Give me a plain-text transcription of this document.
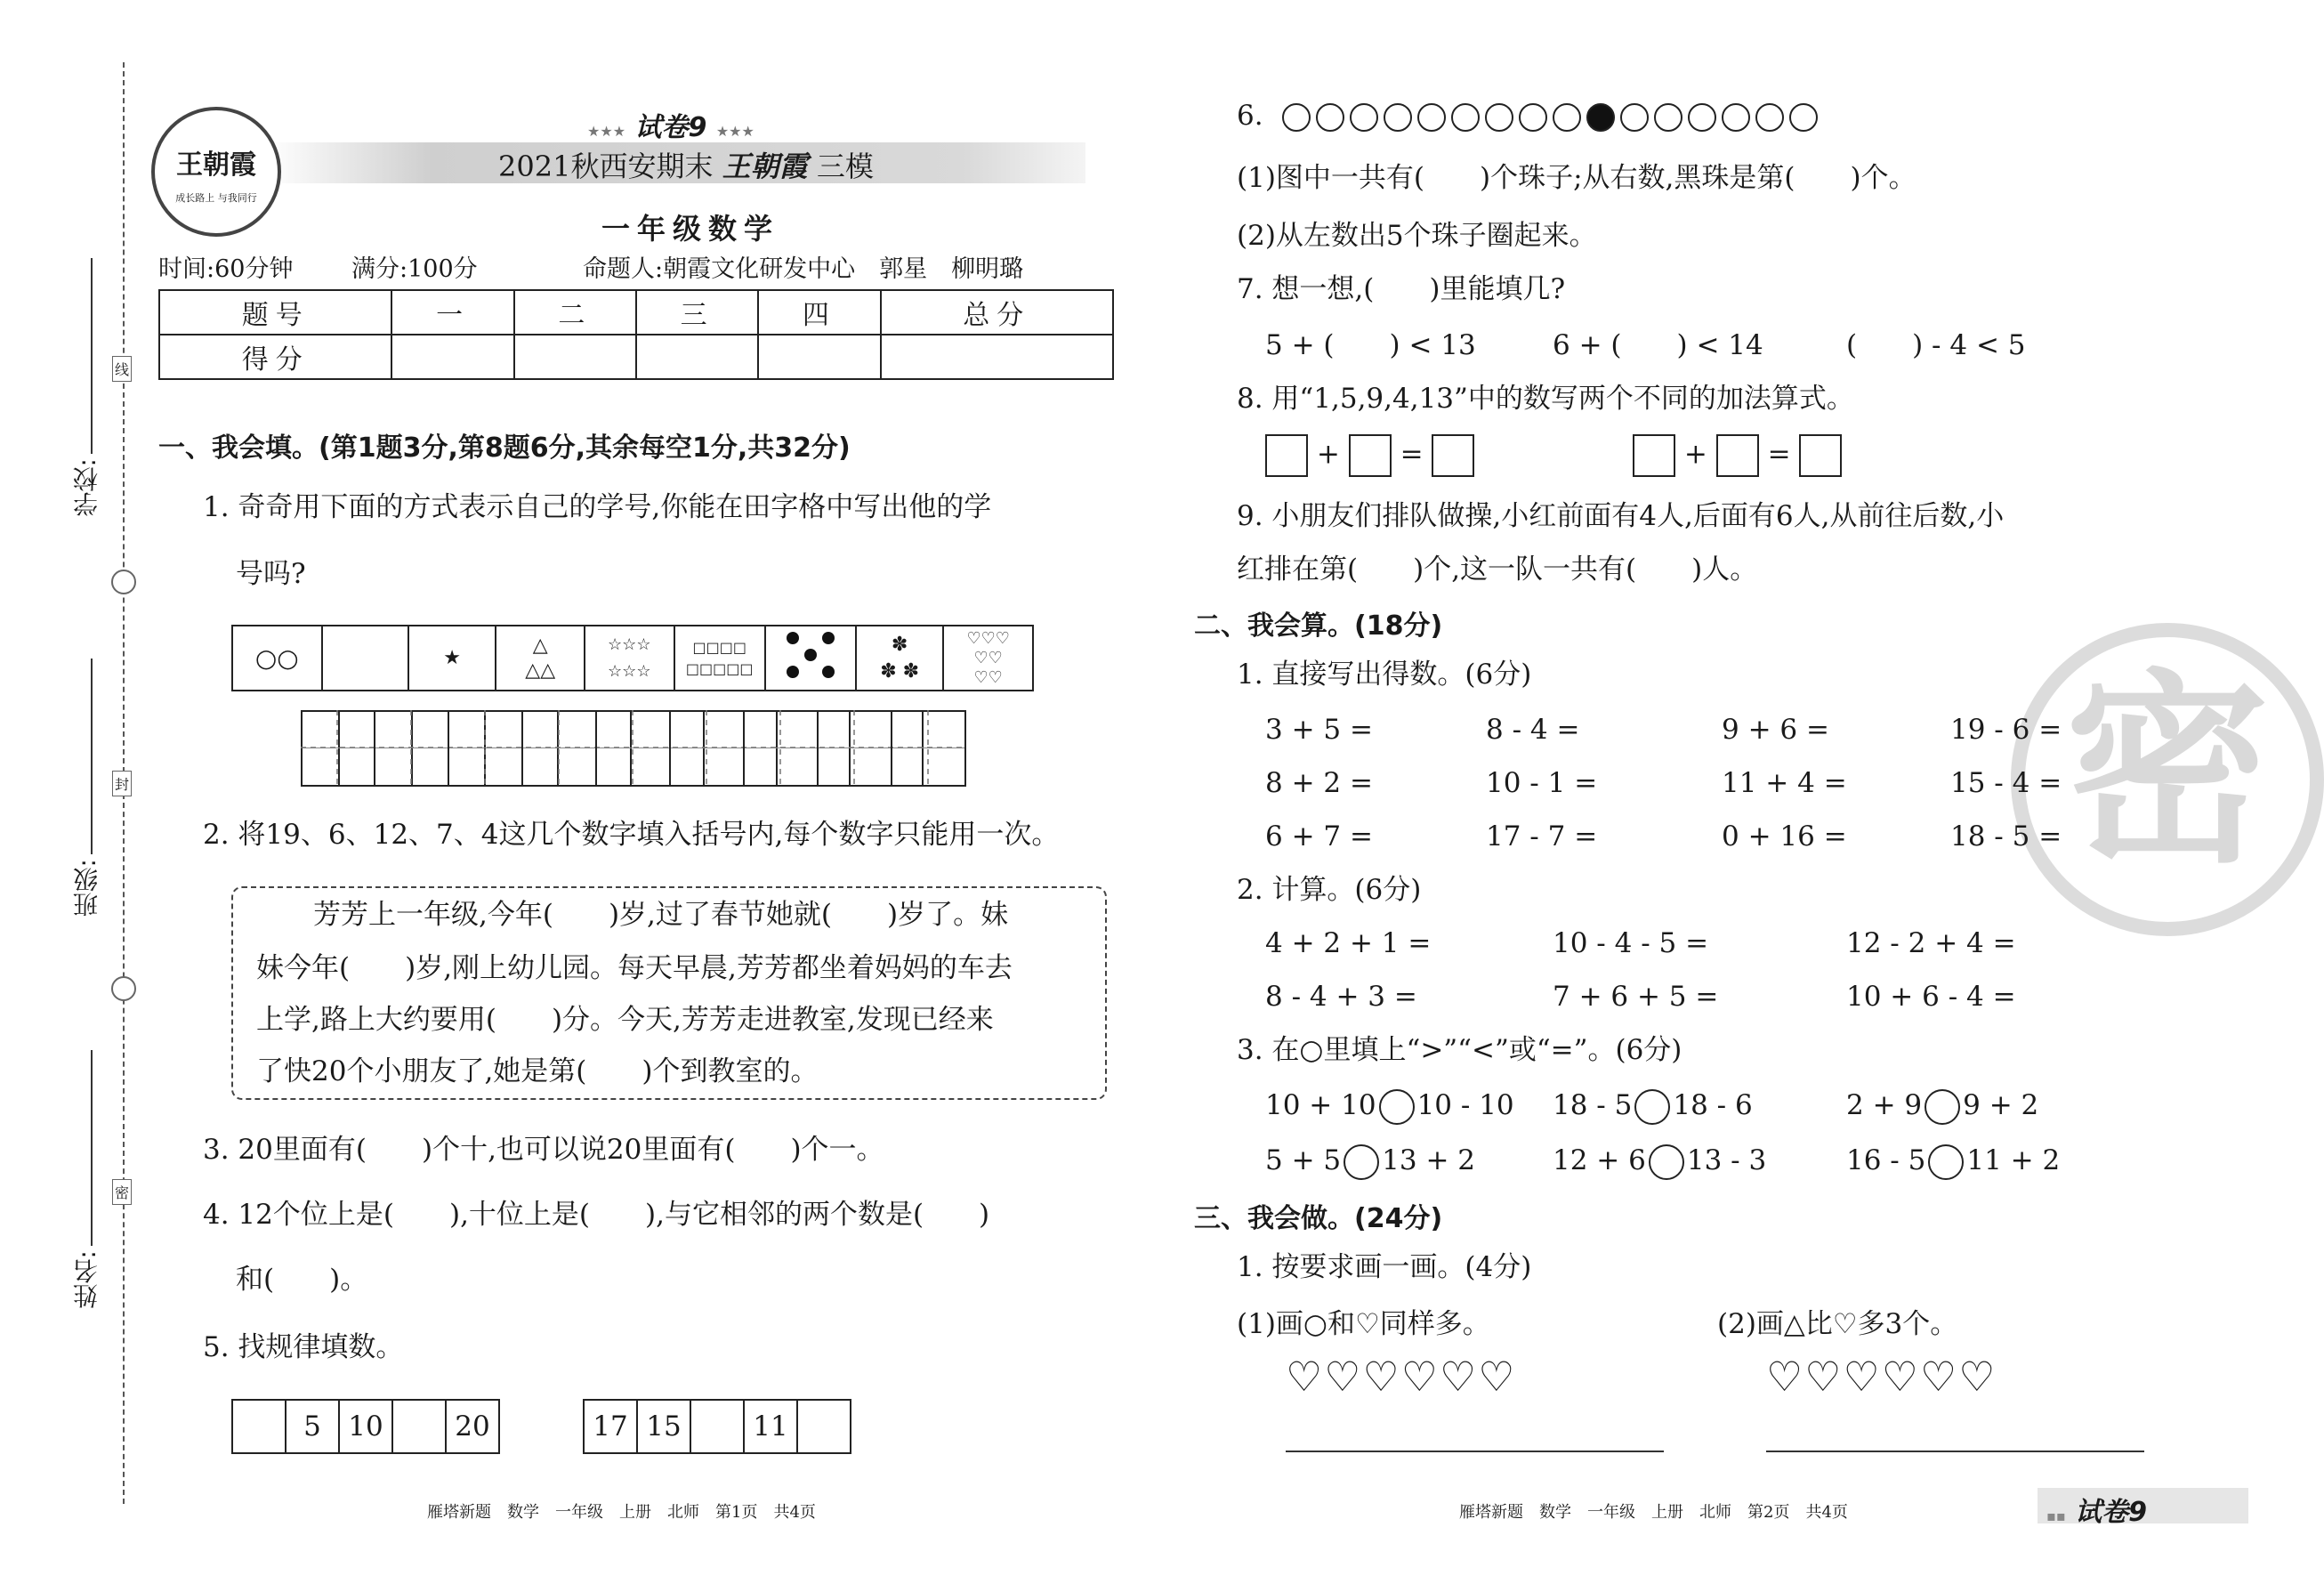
学校:
线
班级:
封
姓名:
密
王朝霞
成长路上 与我同行
★★★ 试卷9 ★★★
2021秋西安期末 王朝霞 三模
一年级数学
时间:60分钟 满分:100分	命题人:朝霞文化研发中心　郭星　柳明璐
题号	一	二	三	四	总分
得分					
一、我会填。(第1题3分,第8题6分,其余每空1分,共32分)
1. 奇奇用下面的方式表示自己的学号,你能在田字格中写出他的学
号吗?
○○		★	
△
△△

☆☆☆
☆☆☆

□□□□
□□□□□

✽
✽ ✽

♡♡♡
♡♡
♡♡
2. 将19、6、12、7、4这几个数字填入括号内,每个数字只能用一次。
芳芳上一年级,今年(　　)岁,过了春节她就(　　)岁了。妹
妹今年(　　)岁,刚上幼儿园。每天早晨,芳芳都坐着妈妈的车去
上学,路上大约要用(　　)分。今天,芳芳走进教室,发现已经来
了快20个小朋友了,她是第(　　)个到教室的。
3. 20里面有(　　)个十,也可以说20里面有(　　)个一。
4. 12个位上是(　　),十位上是(　　),与它相邻的两个数是(　　)
和(　　)。
5. 找规律填数。
	5	10		20	17	15		11	
雁塔新题　数学　一年级　上册　北师　第1页　共4页
密
6.
(1)图中一共有(　　)个珠子;从右数,黑珠是第(　　)个。
(2)从左数出5个珠子圈起来。
7. 想一想,(　　)里能填几?
5 + (　　) < 13	6 + (　　) < 14	(　　) - 4 < 5
8. 用“1,5,9,4,13”中的数写两个不同的加法算式。
+ =	+ =
9. 小朋友们排队做操,小红前面有4人,后面有6人,从前往后数,小
红排在第(　　)个,这一队一共有(　　)人。
二、我会算。(18分)
1. 直接写出得数。(6分)
3 + 5 =	8 - 4 =	9 + 6 =	19 - 6 =
8 + 2 =	10 - 1 =	11 + 4 =	15 - 4 =
6 + 7 =	17 - 7 =	0 + 16 =	18 - 5 =
2. 计算。(6分)
4 + 2 + 1 =	10 - 4 - 5 =	12 - 2 + 4 =
8 - 4 + 3 =	7 + 6 + 5 =	10 + 6 - 4 =
3. 在○里填上“>”“<”或“=”。(6分)
10 + 10 10 - 10 18 - 5 18 - 6	2 + 9 9 + 2
5 + 5 13 + 2	12 + 6 13 - 3	16 - 5 11 + 2
三、我会做。(24分)
1. 按要求画一画。(4分)
(1)画○和♡同样多。	(2)画△比♡多3个。
♡♡♡♡♡♡	♡♡♡♡♡♡
雁塔新题　数学　一年级　上册　北师　第2页　共4页	▪▪ 试卷9
